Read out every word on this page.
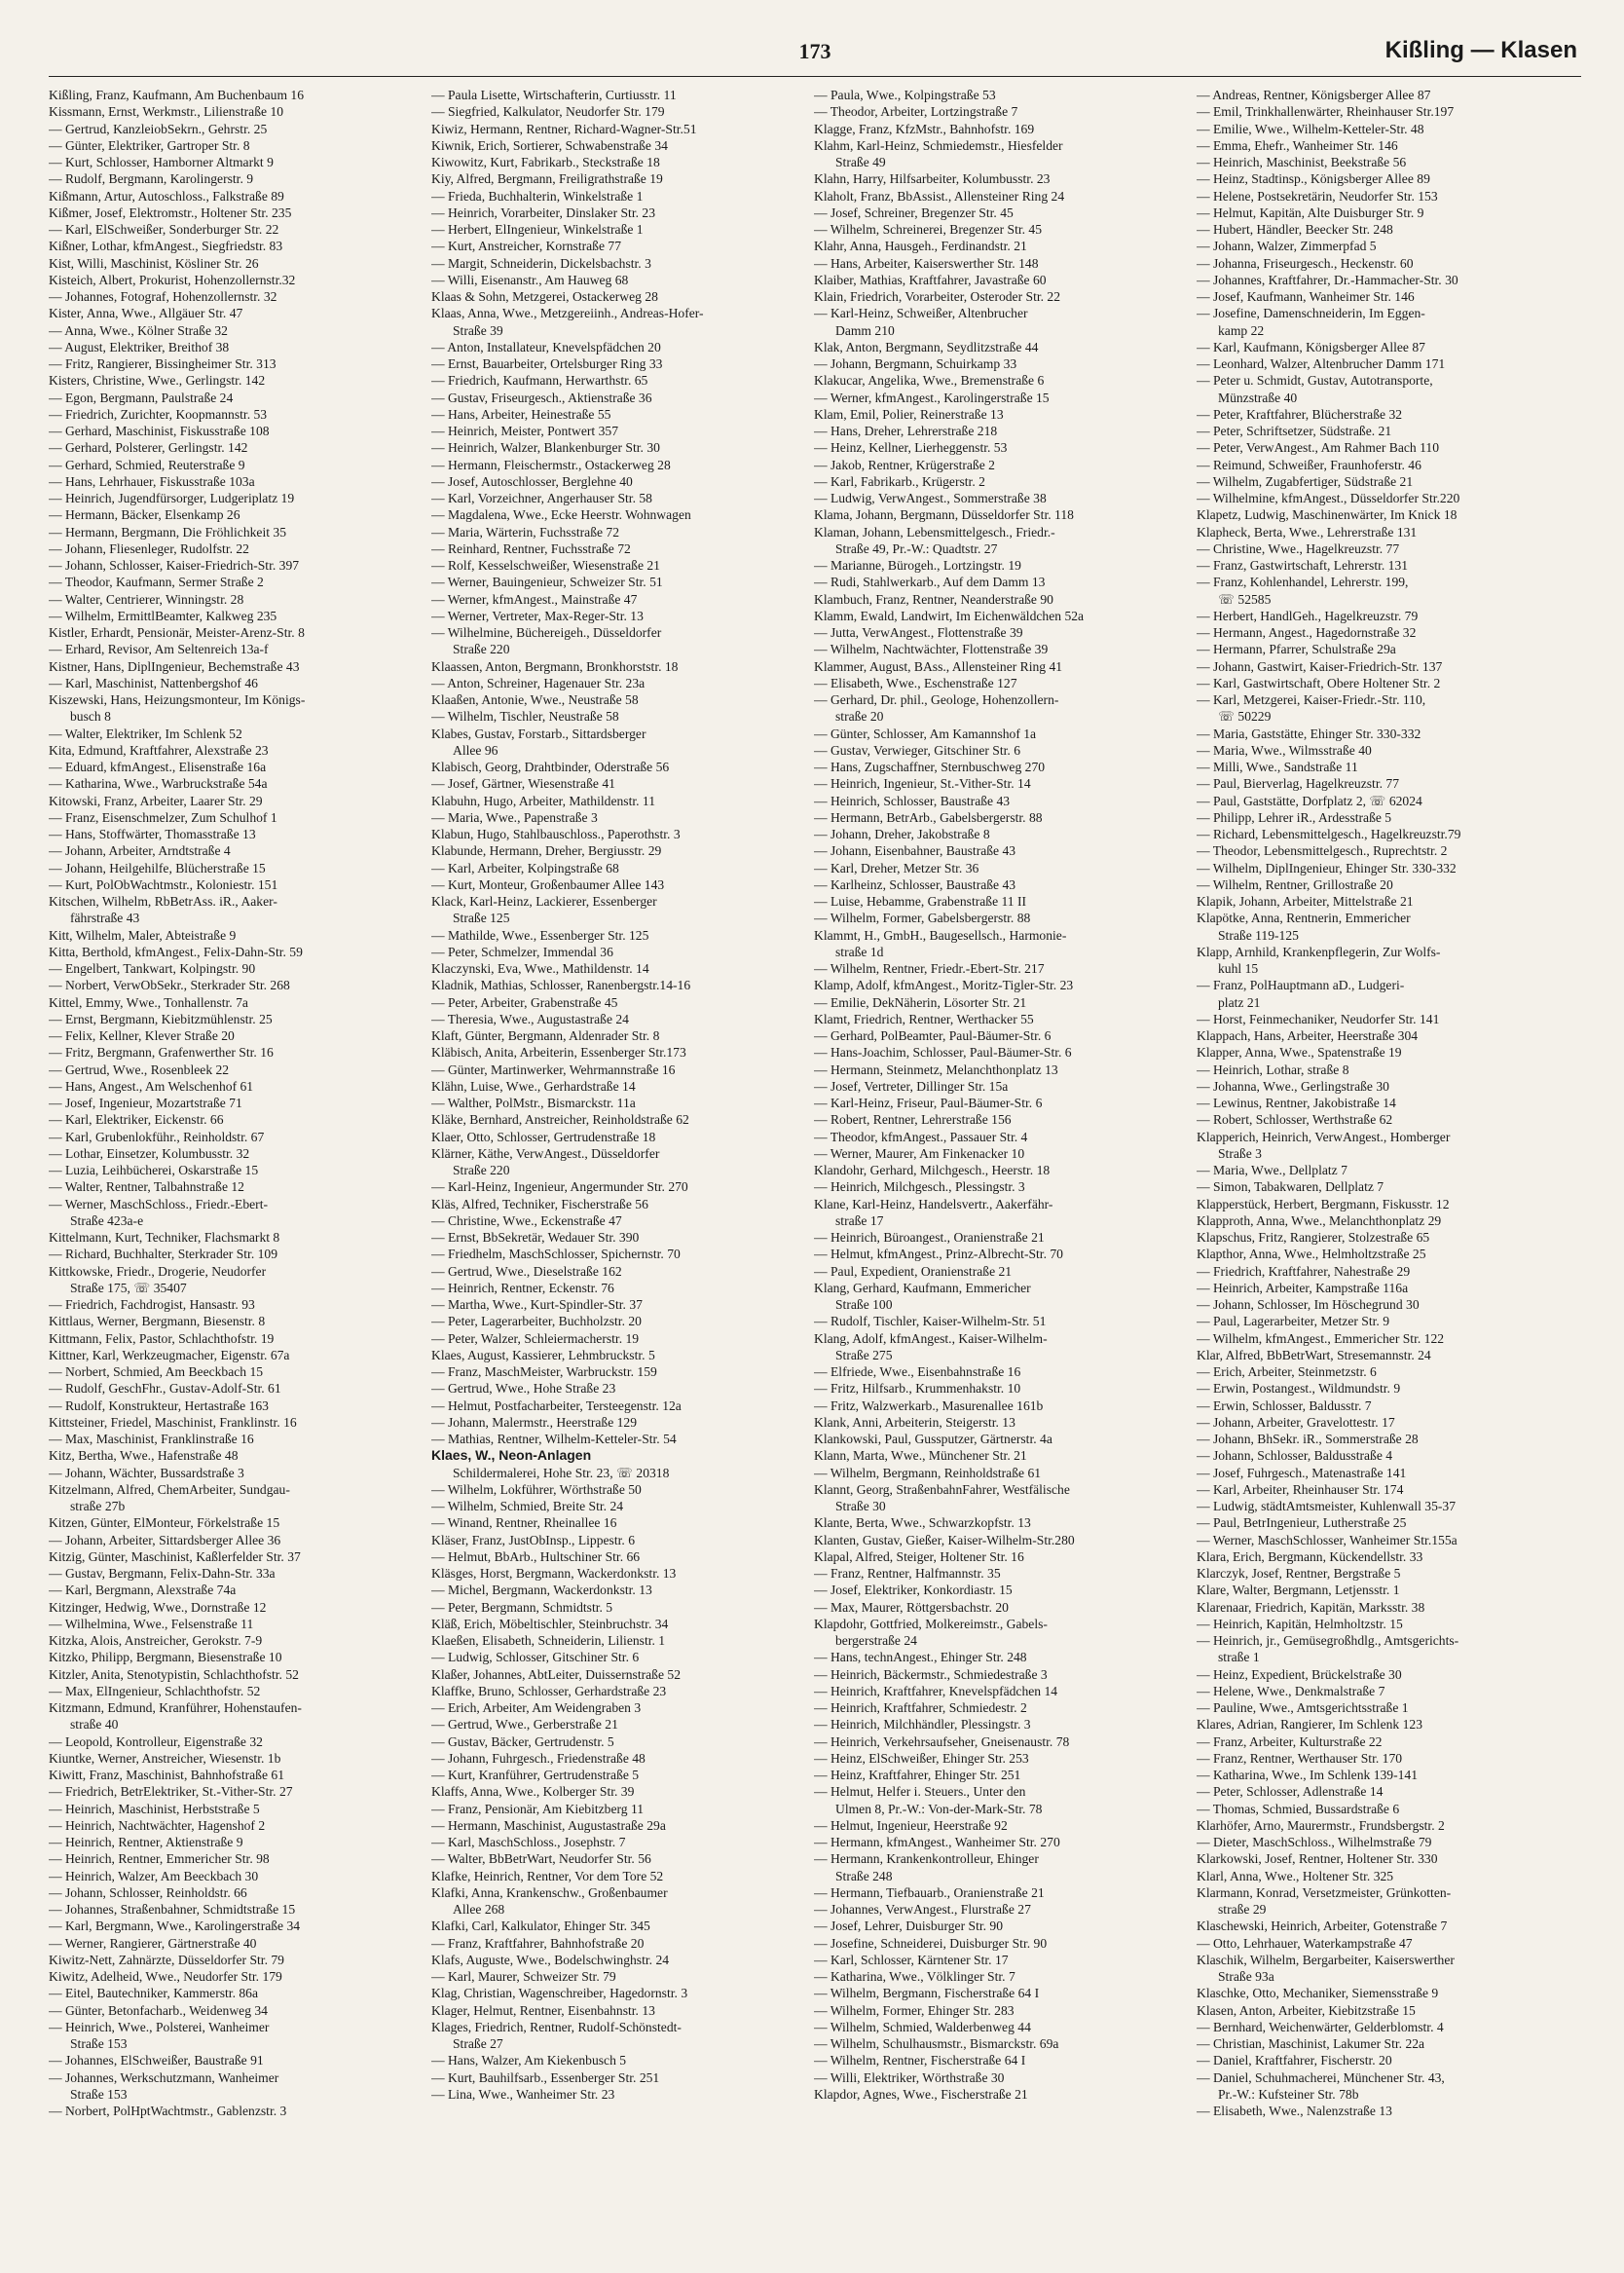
173	Kißling — Klasen
Kißling, Franz, Kaufmann, Am Buchenbaum 16
Kissmann, Ernst, Werkmstr., Lilienstraße 10
— Gertrud, KanzleiobSekrn., Gehrstr. 25
— Günter, Elektriker, Gartroper Str. 8
— Kurt, Schlosser, Hamborner Altmarkt 9
— Rudolf, Bergmann, Karolingerstr. 9
Kißmann, Artur, Autoschloss., Falkstraße 89
Kißmer, Josef, Elektromstr., Holtener Str. 235
— Karl, ElSchweißer, Sonderburger Str. 22
Kißner, Lothar, kfmAngest., Siegfriedstr. 83
Kist, Willi, Maschinist, Kösliner Str. 26
Kisteich, Albert, Prokurist, Hohenzollernstr.32
— Johannes, Fotograf, Hohenzollernstr. 32
Kister, Anna, Wwe., Allgäuer Str. 47
— Anna, Wwe., Kölner Straße 32
— August, Elektriker, Breithof 38
— Fritz, Rangierer, Bissingheimer Str. 313
Kisters, Christine, Wwe., Gerlingstr. 142
— Egon, Bergmann, Paulstraße 24
— Friedrich, Zurichter, Koopmannstr. 53
— Gerhard, Maschinist, Fiskusstraße 108
— Gerhard, Polsterer, Gerlingstr. 142
— Gerhard, Schmied, Reuterstraße 9
— Hans, Lehrhauer, Fiskusstraße 103a
— Heinrich, Jugendfürsorger, Ludgeriplatz 19
— Hermann, Bäcker, Elsenkamp 26
— Hermann, Bergmann, Die Fröhlichkeit 35
— Johann, Fliesenleger, Rudolfstr. 22
— Johann, Schlosser, Kaiser-Friedrich-Str. 397
— Theodor, Kaufmann, Sermer Straße 2
— Walter, Centrierer, Winningstr. 28
— Wilhelm, ErmittlBeamter, Kalkweg 235
Kistler, Erhardt, Pensionär, Meister-Arenz-Str. 8
— Erhard, Revisor, Am Seltenreich 13a-f
Kistner, Hans, DiplIngenieur, Bechemstraße 43
— Karl, Maschinist, Nattenbergshof 46
Kiszewski, Hans, Heizungsmonteur, Im Königs-
busch 8
— Walter, Elektriker, Im Schlenk 52
Kita, Edmund, Kraftfahrer, Alexstraße 23
— Eduard, kfmAngest., Elisenstraße 16a
— Katharina, Wwe., Warbruckstraße 54a
Kitowski, Franz, Arbeiter, Laarer Str. 29
— Franz, Eisenschmelzer, Zum Schulhof 1
— Hans, Stoffwärter, Thomasstraße 13
— Johann, Arbeiter, Arndtstraße 4
— Johann, Heilgehilfe, Blücherstraße 15
— Kurt, PolObWachtmstr., Koloniestr. 151
Kitschen, Wilhelm, RbBetrAss. iR., Aaker-
fährstraße 43
Kitt, Wilhelm, Maler, Abteistraße 9
Kitta, Berthold, kfmAngest., Felix-Dahn-Str. 59
— Engelbert, Tankwart, Kolpingstr. 90
— Norbert, VerwObSekr., Sterkrader Str. 268
Kittel, Emmy, Wwe., Tonhallenstr. 7a
— Ernst, Bergmann, Kiebitzmühlenstr. 25
— Felix, Kellner, Klever Straße 20
— Fritz, Bergmann, Grafenwerther Str. 16
— Gertrud, Wwe., Rosenbleek 22
— Hans, Angest., Am Welschenhof 61
— Josef, Ingenieur, Mozartstraße 71
— Karl, Elektriker, Eickenstr. 66
— Karl, Grubenlokführ., Reinholdstr. 67
— Lothar, Einsetzer, Kolumbusstr. 32
— Luzia, Leihbücherei, Oskarstraße 15
— Walter, Rentner, Talbahnstraße 12
— Werner, MaschSchloss., Friedr.-Ebert-
Straße 423a-e
Kittelmann, Kurt, Techniker, Flachsmarkt 8
— Richard, Buchhalter, Sterkrader Str. 109
Kittkowske, Friedr., Drogerie, Neudorfer
Straße 175, ☏ 35407
— Friedrich, Fachdrogist, Hansastr. 93
Kittlaus, Werner, Bergmann, Biesenstr. 8
Kittmann, Felix, Pastor, Schlachthofstr. 19
Kittner, Karl, Werkzeugmacher, Eigenstr. 67a
— Norbert, Schmied, Am Beeckbach 15
— Rudolf, GeschFhr., Gustav-Adolf-Str. 61
— Rudolf, Konstrukteur, Hertastraße 163
Kittsteiner, Friedel, Maschinist, Franklinstr. 16
— Max, Maschinist, Franklinstraße 16
Kitz, Bertha, Wwe., Hafenstraße 48
— Johann, Wächter, Bussardstraße 3
Kitzelmann, Alfred, ChemArbeiter, Sundgau-
straße 27b
Kitzen, Günter, ElMonteur, Förkelstraße 15
— Johann, Arbeiter, Sittardsberger Allee 36
Kitzig, Günter, Maschinist, Kaßlerfelder Str. 37
— Gustav, Bergmann, Felix-Dahn-Str. 33a
— Karl, Bergmann, Alexstraße 74a
Kitzinger, Hedwig, Wwe., Dornstraße 12
— Wilhelmina, Wwe., Felsenstraße 11
Kitzka, Alois, Anstreicher, Gerokstr. 7-9
Kitzko, Philipp, Bergmann, Biesenstraße 10
Kitzler, Anita, Stenotypistin, Schlachthofstr. 52
— Max, ElIngenieur, Schlachthofstr. 52
Kitzmann, Edmund, Kranführer, Hohenstaufen-
straße 40
— Leopold, Kontrolleur, Eigenstraße 32
Kiuntke, Werner, Anstreicher, Wiesenstr. 1b
Kiwitt, Franz, Maschinist, Bahnhofstraße 61
— Friedrich, BetrElektriker, St.-Vither-Str. 27
— Heinrich, Maschinist, Herbststraße 5
— Heinrich, Nachtwächter, Hagenshof 2
— Heinrich, Rentner, Aktienstraße 9
— Heinrich, Rentner, Emmericher Str. 98
— Heinrich, Walzer, Am Beeckbach 30
— Johann, Schlosser, Reinholdstr. 66
— Johannes, Straßenbahner, Schmidtstraße 15
— Karl, Bergmann, Wwe., Karolingerstraße 34
— Werner, Rangierer, Gärtnerstraße 40
Kiwitz-Nett, Zahnärzte, Düsseldorfer Str. 79
Kiwitz, Adelheid, Wwe., Neudorfer Str. 179
— Eitel, Bautechniker, Kammerstr. 86a
— Günter, Betonfacharb., Weidenweg 34
— Heinrich, Wwe., Polsterei, Wanheimer
Straße 153
— Johannes, ElSchweißer, Baustraße 91
— Johannes, Werkschutzmann, Wanheimer
Straße 153
— Norbert, PolHptWachtmstr., Gablenzstr. 3
— Paula Lisette, Wirtschafterin, Curtiusstr. 11
— Siegfried, Kalkulator, Neudorfer Str. 179
Kiwiz, Hermann, Rentner, Richard-Wagner-Str.51
Kiwnik, Erich, Sortierer, Schwabenstraße 34
Kiwowitz, Kurt, Fabrikarb., Steckstraße 18
Kiy, Alfred, Bergmann, Freiligrathstraße 19
— Frieda, Buchhalterin, Winkelstraße 1
— Heinrich, Vorarbeiter, Dinslaker Str. 23
— Herbert, ElIngenieur, Winkelstraße 1
— Kurt, Anstreicher, Kornstraße 77
— Margit, Schneiderin, Dickelsbachstr. 3
— Willi, Eisenanstr., Am Hauweg 68
Klaas & Sohn, Metzgerei, Ostackerweg 28
Klaas, Anna, Wwe., Metzgereiinh., Andreas-Hofer-
Straße 39
— Anton, Installateur, Knevelspfädchen 20
— Ernst, Bauarbeiter, Ortelsburger Ring 33
— Friedrich, Kaufmann, Herwarthstr. 65
— Gustav, Friseurgesch., Aktienstraße 36
— Hans, Arbeiter, Heinestraße 55
— Heinrich, Meister, Pontwert 357
— Heinrich, Walzer, Blankenburger Str. 30
— Hermann, Fleischermstr., Ostackerweg 28
— Josef, Autoschlosser, Berglehne 40
— Karl, Vorzeichner, Angerhauser Str. 58
— Magdalena, Wwe., Ecke Heerstr. Wohnwagen
— Maria, Wärterin, Fuchsstraße 72
— Reinhard, Rentner, Fuchsstraße 72
— Rolf, Kesselschweißer, Wiesenstraße 21
— Werner, Bauingenieur, Schweizer Str. 51
— Werner, kfmAngest., Mainstraße 47
— Werner, Vertreter, Max-Reger-Str. 13
— Wilhelmine, Büchereigeh., Düsseldorfer
Straße 220
Klaassen, Anton, Bergmann, Bronkhorststr. 18
— Anton, Schreiner, Hagenauer Str. 23a
Klaaßen, Antonie, Wwe., Neustraße 58
— Wilhelm, Tischler, Neustraße 58
Klabes, Gustav, Forstarb., Sittardsberger
Allee 96
Klabisch, Georg, Drahtbinder, Oderstraße 56
— Josef, Gärtner, Wiesenstraße 41
Klabuhn, Hugo, Arbeiter, Mathildenstr. 11
— Maria, Wwe., Papenstraße 3
Klabun, Hugo, Stahlbauschloss., Paperothstr. 3
Klabunde, Hermann, Dreher, Bergiusstr. 29
— Karl, Arbeiter, Kolpingstraße 68
— Kurt, Monteur, Großenbaumer Allee 143
Klack, Karl-Heinz, Lackierer, Essenberger
Straße 125
— Mathilde, Wwe., Essenberger Str. 125
— Peter, Schmelzer, Immendal 36
Klaczynski, Eva, Wwe., Mathildenstr. 14
Kladnik, Mathias, Schlosser, Ranenbergstr.14-16
— Peter, Arbeiter, Grabenstraße 45
— Theresia, Wwe., Augustastraße 24
Klaft, Günter, Bergmann, Aldenrader Str. 8
Kläbisch, Anita, Arbeiterin, Essenberger Str.173
— Günter, Martinwerker, Wehrmannstraße 16
Klähn, Luise, Wwe., Gerhardstraße 14
— Walther, PolMstr., Bismarckstr. 11a
Kläke, Bernhard, Anstreicher, Reinholdstraße 62
Klaer, Otto, Schlosser, Gertrudenstraße 18
Klärner, Käthe, VerwAngest., Düsseldorfer
Straße 220
— Karl-Heinz, Ingenieur, Angermunder Str. 270
Kläs, Alfred, Techniker, Fischerstraße 56
— Christine, Wwe., Eckenstraße 47
— Ernst, BbSekretär, Wedauer Str. 390
— Friedhelm, MaschSchlosser, Spichernstr. 70
— Gertrud, Wwe., Dieselstraße 162
— Heinrich, Rentner, Eckenstr. 76
— Martha, Wwe., Kurt-Spindler-Str. 37
— Peter, Lagerarbeiter, Buchholzstr. 20
— Peter, Walzer, Schleiermacherstr. 19
Klaes, August, Kassierer, Lehmbruckstr. 5
— Franz, MaschMeister, Warbruckstr. 159
— Gertrud, Wwe., Hohe Straße 23
— Helmut, Postfacharbeiter, Tersteegenstr. 12a
— Johann, Malermstr., Heerstraße 129
— Mathias, Rentner, Wilhelm-Ketteler-Str. 54
Klaes, W., Neon-Anlagen
Schildermalerei, Hohe Str. 23, ☏ 20318
— Wilhelm, Lokführer, Wörthstraße 50
— Wilhelm, Schmied, Breite Str. 24
— Winand, Rentner, Rheinallee 16
Kläser, Franz, JustObInsp., Lippestr. 6
— Helmut, BbArb., Hultschiner Str. 66
Kläsges, Horst, Bergmann, Wackerdonkstr. 13
— Michel, Bergmann, Wackerdonkstr. 13
— Peter, Bergmann, Schmidtstr. 5
Kläß, Erich, Möbeltischler, Steinbruchstr. 34
Klaeßen, Elisabeth, Schneiderin, Lilienstr. 1
— Ludwig, Schlosser, Gitschiner Str. 6
Klaßer, Johannes, AbtLeiter, Duissernstraße 52
Klaffke, Bruno, Schlosser, Gerhardstraße 23
— Erich, Arbeiter, Am Weidengraben 3
— Gertrud, Wwe., Gerberstraße 21
— Gustav, Bäcker, Gertrudenstr. 5
— Johann, Fuhrgesch., Friedenstraße 48
— Kurt, Kranführer, Gertrudenstraße 5
Klaffs, Anna, Wwe., Kolberger Str. 39
— Franz, Pensionär, Am Kiebitzberg 11
— Hermann, Maschinist, Augustastraße 29a
— Karl, MaschSchloss., Josephstr. 7
— Walter, BbBetrWart, Neudorfer Str. 56
Klafke, Heinrich, Rentner, Vor dem Tore 52
Klafki, Anna, Krankenschw., Großenbaumer
Allee 268
Klafki, Carl, Kalkulator, Ehinger Str. 345
— Franz, Kraftfahrer, Bahnhofstraße 20
Klafs, Auguste, Wwe., Bodelschwinghstr. 24
— Karl, Maurer, Schweizer Str. 79
Klag, Christian, Wagenschreiber, Hagedornstr. 3
Klager, Helmut, Rentner, Eisenbahnstr. 13
Klages, Friedrich, Rentner, Rudolf-Schönstedt-
Straße 27
— Hans, Walzer, Am Kiekenbusch 5
— Kurt, Bauhilfsarb., Essenberger Str. 251
— Lina, Wwe., Wanheimer Str. 23
— Paula, Wwe., Kolpingstraße 53
— Theodor, Arbeiter, Lortzingstraße 7
Klagge, Franz, KfzMstr., Bahnhofstr. 169
Klahm, Karl-Heinz, Schmiedemstr., Hiesfelder
Straße 49
Klahn, Harry, Hilfsarbeiter, Kolumbusstr. 23
Klaholt, Franz, BbAssist., Allensteiner Ring 24
— Josef, Schreiner, Bregenzer Str. 45
— Wilhelm, Schreinerei, Bregenzer Str. 45
Klahr, Anna, Hausgeh., Ferdinandstr. 21
— Hans, Arbeiter, Kaiserswerther Str. 148
Klaiber, Mathias, Kraftfahrer, Javastraße 60
Klain, Friedrich, Vorarbeiter, Osteroder Str. 22
— Karl-Heinz, Schweißer, Altenbrucher
Damm 210
Klak, Anton, Bergmann, Seydlitzstraße 44
— Johann, Bergmann, Schuirkamp 33
Klakucar, Angelika, Wwe., Bremenstraße 6
— Werner, kfmAngest., Karolingerstraße 15
Klam, Emil, Polier, Reinerstraße 13
— Hans, Dreher, Lehrerstraße 218
— Heinz, Kellner, Lierheggenstr. 53
— Jakob, Rentner, Krügerstraße 2
— Karl, Fabrikarb., Krügerstr. 2
— Ludwig, VerwAngest., Sommerstraße 38
Klama, Johann, Bergmann, Düsseldorfer Str. 118
Klaman, Johann, Lebensmittelgesch., Friedr.-
Straße 49, Pr.-W.: Quadtstr. 27
— Marianne, Bürogeh., Lortzingstr. 19
— Rudi, Stahlwerkarb., Auf dem Damm 13
Klambuch, Franz, Rentner, Neanderstraße 90
Klamm, Ewald, Landwirt, Im Eichenwäldchen 52a
— Jutta, VerwAngest., Flottenstraße 39
— Wilhelm, Nachtwächter, Flottenstraße 39
Klammer, August, BAss., Allensteiner Ring 41
— Elisabeth, Wwe., Eschenstraße 127
— Gerhard, Dr. phil., Geologe, Hohenzollern-
straße 20
— Günter, Schlosser, Am Kamannshof 1a
— Gustav, Verwieger, Gitschiner Str. 6
— Hans, Zugschaffner, Sternbuschweg 270
— Heinrich, Ingenieur, St.-Vither-Str. 14
— Heinrich, Schlosser, Baustraße 43
— Hermann, BetrArb., Gabelsbergerstr. 88
— Johann, Dreher, Jakobstraße 8
— Johann, Eisenbahner, Baustraße 43
— Karl, Dreher, Metzer Str. 36
— Karlheinz, Schlosser, Baustraße 43
— Luise, Hebamme, Grabenstraße 11 II
— Wilhelm, Former, Gabelsbergerstr. 88
Klammt, H., GmbH., Baugesellsch., Harmonie-
straße 1d
— Wilhelm, Rentner, Friedr.-Ebert-Str. 217
Klamp, Adolf, kfmAngest., Moritz-Tigler-Str. 23
— Emilie, DekNäherin, Lösorter Str. 21
Klamt, Friedrich, Rentner, Werthacker 55
— Gerhard, PolBeamter, Paul-Bäumer-Str. 6
— Hans-Joachim, Schlosser, Paul-Bäumer-Str. 6
— Hermann, Steinmetz, Melanchthonplatz 13
— Josef, Vertreter, Dillinger Str. 15a
— Karl-Heinz, Friseur, Paul-Bäumer-Str. 6
— Robert, Rentner, Lehrerstraße 156
— Theodor, kfmAngest., Passauer Str. 4
— Werner, Maurer, Am Finkenacker 10
Klandohr, Gerhard, Milchgesch., Heerstr. 18
— Heinrich, Milchgesch., Plessingstr. 3
Klane, Karl-Heinz, Handelsvertr., Aakerfähr-
straße 17
— Heinrich, Büroangest., Oranienstraße 21
— Helmut, kfmAngest., Prinz-Albrecht-Str. 70
— Paul, Expedient, Oranienstraße 21
Klang, Gerhard, Kaufmann, Emmericher
Straße 100
— Rudolf, Tischler, Kaiser-Wilhelm-Str. 51
Klang, Adolf, kfmAngest., Kaiser-Wilhelm-
Straße 275
— Elfriede, Wwe., Eisenbahnstraße 16
— Fritz, Hilfsarb., Krummenhakstr. 10
— Fritz, Walzwerkarb., Masurenallee 161b
Klank, Anni, Arbeiterin, Steigerstr. 13
Klankowski, Paul, Gussputzer, Gärtnerstr. 4a
Klann, Marta, Wwe., Münchener Str. 21
— Wilhelm, Bergmann, Reinholdstraße 61
Klannt, Georg, StraßenbahnFahrer, Westfälische
Straße 30
Klante, Berta, Wwe., Schwarzkopfstr. 13
Klanten, Gustav, Gießer, Kaiser-Wilhelm-Str.280
Klapal, Alfred, Steiger, Holtener Str. 16
— Franz, Rentner, Halfmannstr. 35
— Josef, Elektriker, Konkordiastr. 15
— Max, Maurer, Röttgersbachstr. 20
Klapdohr, Gottfried, Molkereimstr., Gabels-
bergerstraße 24
— Hans, technAngest., Ehinger Str. 248
— Heinrich, Bäckermstr., Schmiedestraße 3
— Heinrich, Kraftfahrer, Knevelspfädchen 14
— Heinrich, Kraftfahrer, Schmiedestr. 2
— Heinrich, Milchhändler, Plessingstr. 3
— Heinrich, Verkehrsaufseher, Gneisenaustr. 78
— Heinz, ElSchweißer, Ehinger Str. 253
— Heinz, Kraftfahrer, Ehinger Str. 251
— Helmut, Helfer i. Steuers., Unter den
Ulmen 8, Pr.-W.: Von-der-Mark-Str. 78
— Helmut, Ingenieur, Heerstraße 92
— Hermann, kfmAngest., Wanheimer Str. 270
— Hermann, Krankenkontrolleur, Ehinger
Straße 248
— Hermann, Tiefbauarb., Oranienstraße 21
— Johannes, VerwAngest., Flurstraße 27
— Josef, Lehrer, Duisburger Str. 90
— Josefine, Schneiderei, Duisburger Str. 90
— Karl, Schlosser, Kärntener Str. 17
— Katharina, Wwe., Völklinger Str. 7
— Wilhelm, Bergmann, Fischerstraße 64 I
— Wilhelm, Former, Ehinger Str. 283
— Wilhelm, Schmied, Walderbenweg 44
— Wilhelm, Schulhausmstr., Bismarckstr. 69a
— Wilhelm, Rentner, Fischerstraße 64 I
— Willi, Elektriker, Wörthstraße 30
Klapdor, Agnes, Wwe., Fischerstraße 21
— Andreas, Rentner, Königsberger Allee 87
— Emil, Trinkhallenwärter, Rheinhauser Str.197
— Emilie, Wwe., Wilhelm-Ketteler-Str. 48
— Emma, Ehefr., Wanheimer Str. 146
— Heinrich, Maschinist, Beekstraße 56
— Heinz, Stadtinsp., Königsberger Allee 89
— Helene, Postsekretärin, Neudorfer Str. 153
— Helmut, Kapitän, Alte Duisburger Str. 9
— Hubert, Händler, Beecker Str. 248
— Johann, Walzer, Zimmerpfad 5
— Johanna, Friseurgesch., Heckenstr. 60
— Johannes, Kraftfahrer, Dr.-Hammacher-Str. 30
— Josef, Kaufmann, Wanheimer Str. 146
— Josefine, Damenschneiderin, Im Eggen-
kamp 22
— Karl, Kaufmann, Königsberger Allee 87
— Leonhard, Walzer, Altenbrucher Damm 171
— Peter u. Schmidt, Gustav, Autotransporte,
Münzstraße 40
— Peter, Kraftfahrer, Blücherstraße 32
— Peter, Schriftsetzer, Südstraße. 21
— Peter, VerwAngest., Am Rahmer Bach 110
— Reimund, Schweißer, Fraunhoferstr. 46
— Wilhelm, Zugabfertiger, Südstraße 21
— Wilhelmine, kfmAngest., Düsseldorfer Str.220
Klapetz, Ludwig, Maschinenwärter, Im Knick 18
Klapheck, Berta, Wwe., Lehrerstraße 131
— Christine, Wwe., Hagelkreuzstr. 77
— Franz, Gastwirtschaft, Lehrerstr. 131
— Franz, Kohlenhandel, Lehrerstr. 199,
☏ 52585
— Herbert, HandlGeh., Hagelkreuzstr. 79
— Hermann, Angest., Hagedornstraße 32
— Hermann, Pfarrer, Schulstraße 29a
— Johann, Gastwirt, Kaiser-Friedrich-Str. 137
— Karl, Gastwirtschaft, Obere Holtener Str. 2
— Karl, Metzgerei, Kaiser-Friedr.-Str. 110,
☏ 50229
— Maria, Gaststätte, Ehinger Str. 330-332
— Maria, Wwe., Wilmsstraße 40
— Milli, Wwe., Sandstraße 11
— Paul, Bierverlag, Hagelkreuzstr. 77
— Paul, Gaststätte, Dorfplatz 2, ☏ 62024
— Philipp, Lehrer iR., Ardesstraße 5
— Richard, Lebensmittelgesch., Hagelkreuzstr.79
— Theodor, Lebensmittelgesch., Ruprechtstr. 2
— Wilhelm, DiplIngenieur, Ehinger Str. 330-332
— Wilhelm, Rentner, Grillostraße 20
Klapik, Johann, Arbeiter, Mittelstraße 21
Klapötke, Anna, Rentnerin, Emmericher
Straße 119-125
Klapp, Arnhild, Krankenpflegerin, Zur Wolfs-
kuhl 15
— Franz, PolHauptmann aD., Ludgeri-
platz 21
— Horst, Feinmechaniker, Neudorfer Str. 141
Klappach, Hans, Arbeiter, Heerstraße 304
Klapper, Anna, Wwe., Spatenstraße 19
— Heinrich, Lothar, straße 8
— Johanna, Wwe., Gerlingstraße 30
— Lewinus, Rentner, Jakobistraße 14
— Robert, Schlosser, Werthstraße 62
Klapperich, Heinrich, VerwAngest., Homberger
Straße 3
— Maria, Wwe., Dellplatz 7
— Simon, Tabakwaren, Dellplatz 7
Klapperstück, Herbert, Bergmann, Fiskusstr. 12
Klapproth, Anna, Wwe., Melanchthonplatz 29
Klapschus, Fritz, Rangierer, Stolzestraße 65
Klapthor, Anna, Wwe., Helmholtzstraße 25
— Friedrich, Kraftfahrer, Nahestraße 29
— Heinrich, Arbeiter, Kampstraße 116a
— Johann, Schlosser, Im Höschegrund 30
— Paul, Lagerarbeiter, Metzer Str. 9
— Wilhelm, kfmAngest., Emmericher Str. 122
Klar, Alfred, BbBetrWart, Stresemannstr. 24
— Erich, Arbeiter, Steinmetzstr. 6
— Erwin, Postangest., Wildmundstr. 9
— Erwin, Schlosser, Baldusstr. 7
— Johann, Arbeiter, Gravelottestr. 17
— Johann, BhSekr. iR., Sommerstraße 28
— Johann, Schlosser, Baldusstraße 4
— Josef, Fuhrgesch., Matenastraße 141
— Karl, Arbeiter, Rheinhauser Str. 174
— Ludwig, städtAmtsmeister, Kuhlenwall 35-37
— Paul, BetrIngenieur, Lutherstraße 25
— Werner, MaschSchlosser, Wanheimer Str.155a
Klara, Erich, Bergmann, Kückendellstr. 33
Klarczyk, Josef, Rentner, Bergstraße 5
Klare, Walter, Bergmann, Letjensstr. 1
Klarenaar, Friedrich, Kapitän, Marksstr. 38
— Heinrich, Kapitän, Helmholtzstr. 15
— Heinrich, jr., Gemüsegroßhdlg., Amtsgerichts-
straße 1
— Heinz, Expedient, Brückelstraße 30
— Helene, Wwe., Denkmalstraße 7
— Pauline, Wwe., Amtsgerichtsstraße 1
Klares, Adrian, Rangierer, Im Schlenk 123
— Franz, Arbeiter, Kulturstraße 22
— Franz, Rentner, Werthauser Str. 170
— Katharina, Wwe., Im Schlenk 139-141
— Peter, Schlosser, Adlenstraße 14
— Thomas, Schmied, Bussardstraße 6
Klarhöfer, Arno, Maurermstr., Frundsbergstr. 2
— Dieter, MaschSchloss., Wilhelmstraße 79
Klarkowski, Josef, Rentner, Holtener Str. 330
Klarl, Anna, Wwe., Holtener Str. 325
Klarmann, Konrad, Versetzmeister, Grünkotten-
straße 29
Klaschewski, Heinrich, Arbeiter, Gotenstraße 7
— Otto, Lehrhauer, Waterkampstraße 47
Klaschik, Wilhelm, Bergarbeiter, Kaiserswerther
Straße 93a
Klaschke, Otto, Mechaniker, Siemensstraße 9
Klasen, Anton, Arbeiter, Kiebitzstraße 15
— Bernhard, Weichenwärter, Gelderblomstr. 4
— Christian, Maschinist, Lakumer Str. 22a
— Daniel, Kraftfahrer, Fischerstr. 20
— Daniel, Schuhmacherei, Münchener Str. 43,
Pr.-W.: Kufsteiner Str. 78b
— Elisabeth, Wwe., Nalenzstraße 13
